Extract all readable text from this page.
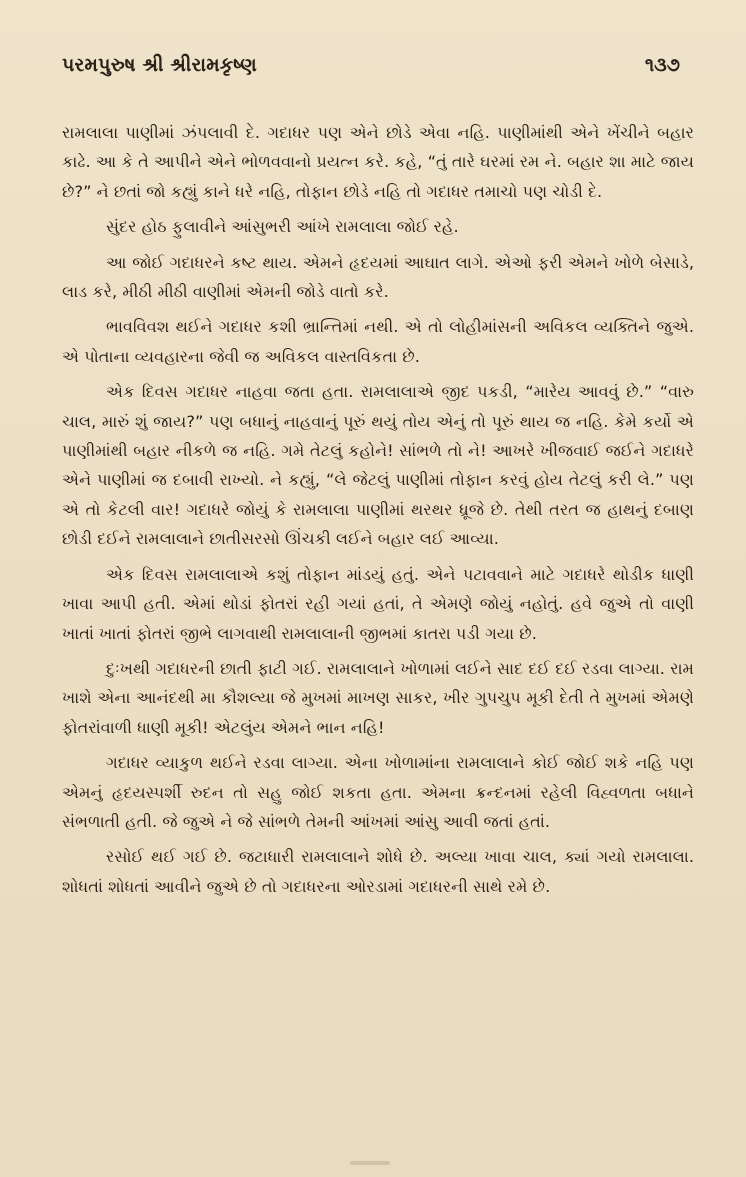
પરમપુરુષ શ્રી શ્રીરામકૃષ્ણ	૧૩૭

રામલાલા પાણીમાં ઝંપલાવી દે. ગદાધર પણ એને છોડે એવા નહિ. પાણીમાંથી એને ખેંચીને બહાર કાઢે. આ કે તે આપીને એને ભોળવવાનો પ્રયત્ન કરે. કહે, “તું તારે ઘરમાં રમ ને. બહાર શા માટે જાય છે?” ને છતાં જો કહ્યું કાને ધરે નહિ, તોફાન છોડે નહિ તો ગદાધર તમાચો પણ ચોડી દે.

સુંદર હોઠ ફુલાવીને આંસુભરી આંખે રામલાલા જોઈ રહે.

આ જોઈ ગદાધરને કષ્ટ થાય. એમને હૃદયમાં આઘાત લાગે. એઓ ફરી એમને ખોળે બેસાડે, લાડ કરે, મીઠી મીઠી વાણીમાં એમની જોડે વાતો કરે.

ભાવવિવશ થઈને ગદાધર કશી ભ્રાન્તિમાં નથી. એ તો લોહીમાંસની અવિકલ વ્યક્તિને જુએ. એ પોતાના વ્યવહારના જેવી જ અવિકલ વાસ્તવિકતા છે.

એક દિવસ ગદાધર નાહવા જતા હતા. રામલાલાએ જીદ પકડી, “મારેય આવવું છે.” “વારુ ચાલ, મારું શું જાય?” પણ બધાનું નાહવાનું પૂરું થયું તોય એનું તો પૂરું થાય જ નહિ. કેમે કર્યો એ પાણીમાંથી બહાર નીકળે જ નહિ. ગમે તેટલું કહોને! સાંભળે તો ને! આખરે ખીજવાઈ જઈને ગદાધરે એને પાણીમાં જ દબાવી રાખ્યો. ને કહ્યું, “લે જેટલું પાણીમાં તોફાન કરવું હોય તેટલું કરી લે.” પણ એ તો કેટલી વાર! ગદાધરે જોયું કે રામલાલા પાણીમાં થરથર ધ્રૂજે છે. તેથી તરત જ હાથનું દબાણ છોડી દઈને રામલાલાને છાતીસરસો ઊંચકી લઈને બહાર લઈ આવ્યા.

એક દિવસ રામલાલાએ કશું તોફાન માંડયું હતું. એને પટાવવાને માટે ગદાધરે થોડીક ધાણી ખાવા આપી હતી. એમાં થોડાં ફોતરાં રહી ગયાં હતાં, તે એમણે જોયું નહોતું. હવે જુએ તો વાણી ખાતાં ખાતાં ફોતરાં જીભે લાગવાથી રામલાલાની જીભમાં કાતરા પડી ગયા છે.

દુઃખથી ગદાધરની છાતી ફાટી ગઈ. રામલાલાને ખોળામાં લઈને સાદ દઈ દઈ રડવા લાગ્યા. રામ ખાશે એના આનંદથી મા કૌશલ્યા જે મુખમાં માખણ સાકર, ખીર ગુપચુપ મૂકી દેતી તે મુખમાં એમણે ફોતરાંવાળી ધાણી મૂકી! એટલુંય એમને ભાન નહિ!

ગદાધર વ્યાકુળ થઈને રડવા લાગ્યા. એના ખોળામાંના રામલાલાને કોઈ જોઈ શકે નહિ પણ એમનું હૃદયસ્પર્શી રુદન તો સહુ જોઈ શકતા હતા. એમના ક્રન્દનમાં રહેલી વિહ્વળતા બધાને સંભળાતી હતી. જે જુએ ને જે સાંભળે તેમની આંખમાં આંસુ આવી જતાં હતાં.

રસોઈ થઈ ગઈ છે. જટાધારી રામલાલાને શોધે છે. અલ્યા ખાવા ચાલ, ક્યાં ગયો રામલાલા. શોધતાં શોધતાં આવીને જુએ છે તો ગદાધરના ઓરડામાં ગદાધરની સાથે રમે છે.
